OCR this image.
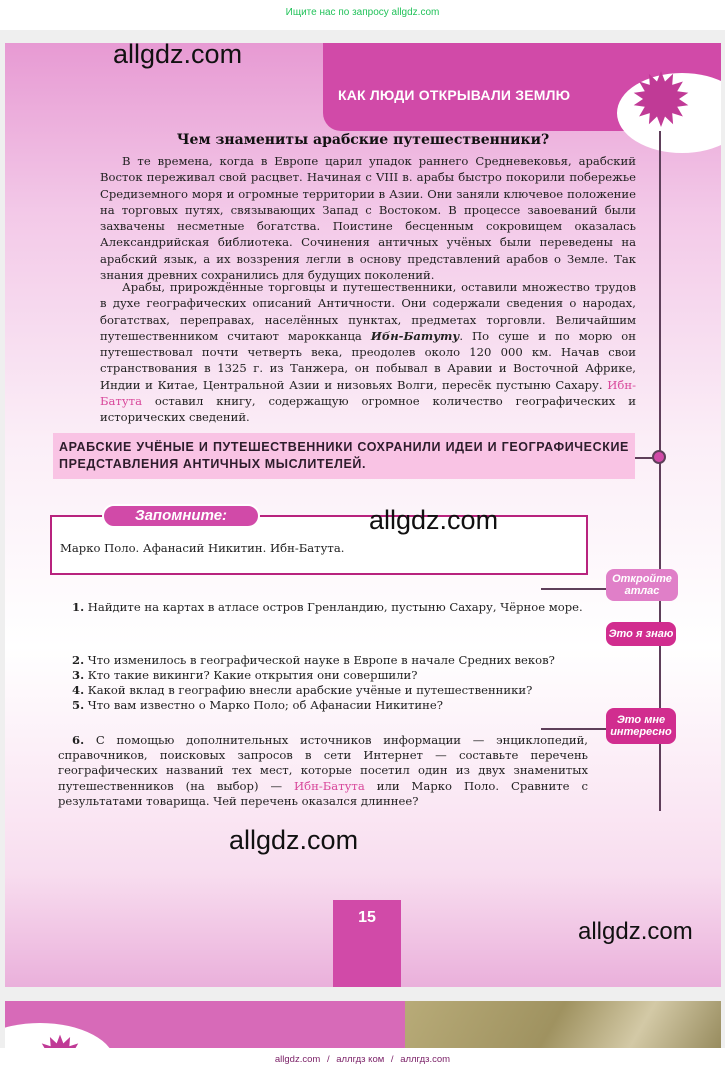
Ищите нас по запросу allgdz.com
КАК ЛЮДИ ОТКРЫВАЛИ ЗЕМЛЮ
allgdz.com
Чем знамениты арабские путешественники?

В те времена, когда в Европе царил упадок раннего Средневековья, арабский Восток переживал свой расцвет. Начиная с VIII в. арабы быстро покорили побережье Средиземного моря и огромные территории в Азии. Они заняли ключевое положение на торговых путях, связывающих Запад с Востоком. В процессе завоеваний были захвачены несметные богатства. Поистине бесценным сокровищем оказалась Александрийская библиотека. Сочинения античных учёных были переведены на арабский язык, а их воззрения легли в основу представлений арабов о Земле. Так знания древних сохранились для будущих поколений.

Арабы, прирождённые торговцы и путешественники, оставили множество трудов в духе географических описаний Античности. Они содержали сведения о народах, богатствах, переправах, населённых пунктах, предметах торговли. Величайшим путешественником считают марокканца Ибн-Батуту. По суше и по морю он путешествовал почти четверть века, преодолев около 120 000 км. Начав свои странствования в 1325 г. из Танжера, он побывал в Аравии и Восточной Африке, Индии и Китае, Центральной Азии и низовьях Волги, пересёк пустыню Сахару. Ибн-Батута оставил книгу, содержащую огромное количество географических и исторических сведений.

АРАБСКИЕ УЧЁНЫЕ И ПУТЕШЕСТВЕННИКИ СОХРАНИЛИ ИДЕИ И ГЕОГРАФИЧЕСКИЕ ПРЕДСТАВЛЕНИЯ АНТИЧНЫХ МЫСЛИТЕЛЕЙ.

allgdz.com
Запомните:
Марко Поло. Афанасий Никитин. Ибн-Батута.
Откройте атлас
Это я знаю
Это мне интересно

1. Найдите на картах в атласе остров Гренландию, пустыню Сахару, Чёрное море.

2. Что изменилось в географической науке в Европе в начале Средних веков?

3. Кто такие викинги? Какие открытия они совершили?

4. Какой вклад в географию внесли арабские учёные и путешественники?

5. Что вам известно о Марко Поло; об Афанасии Никитине?

6. С помощью дополнительных источников информации — энциклопедий, справочников, поисковых запросов в сети Интернет — составьте перечень географических названий тех мест, которые посетил один из двух знаменитых путешественников (на выбор) — Ибн-Батута или Марко Поло. Сравните с результатами товарища. Чей перечень оказался длиннее?

allgdz.com
15
allgdz.com
allgdz.com / аллгдз ком / аллгдз.com
